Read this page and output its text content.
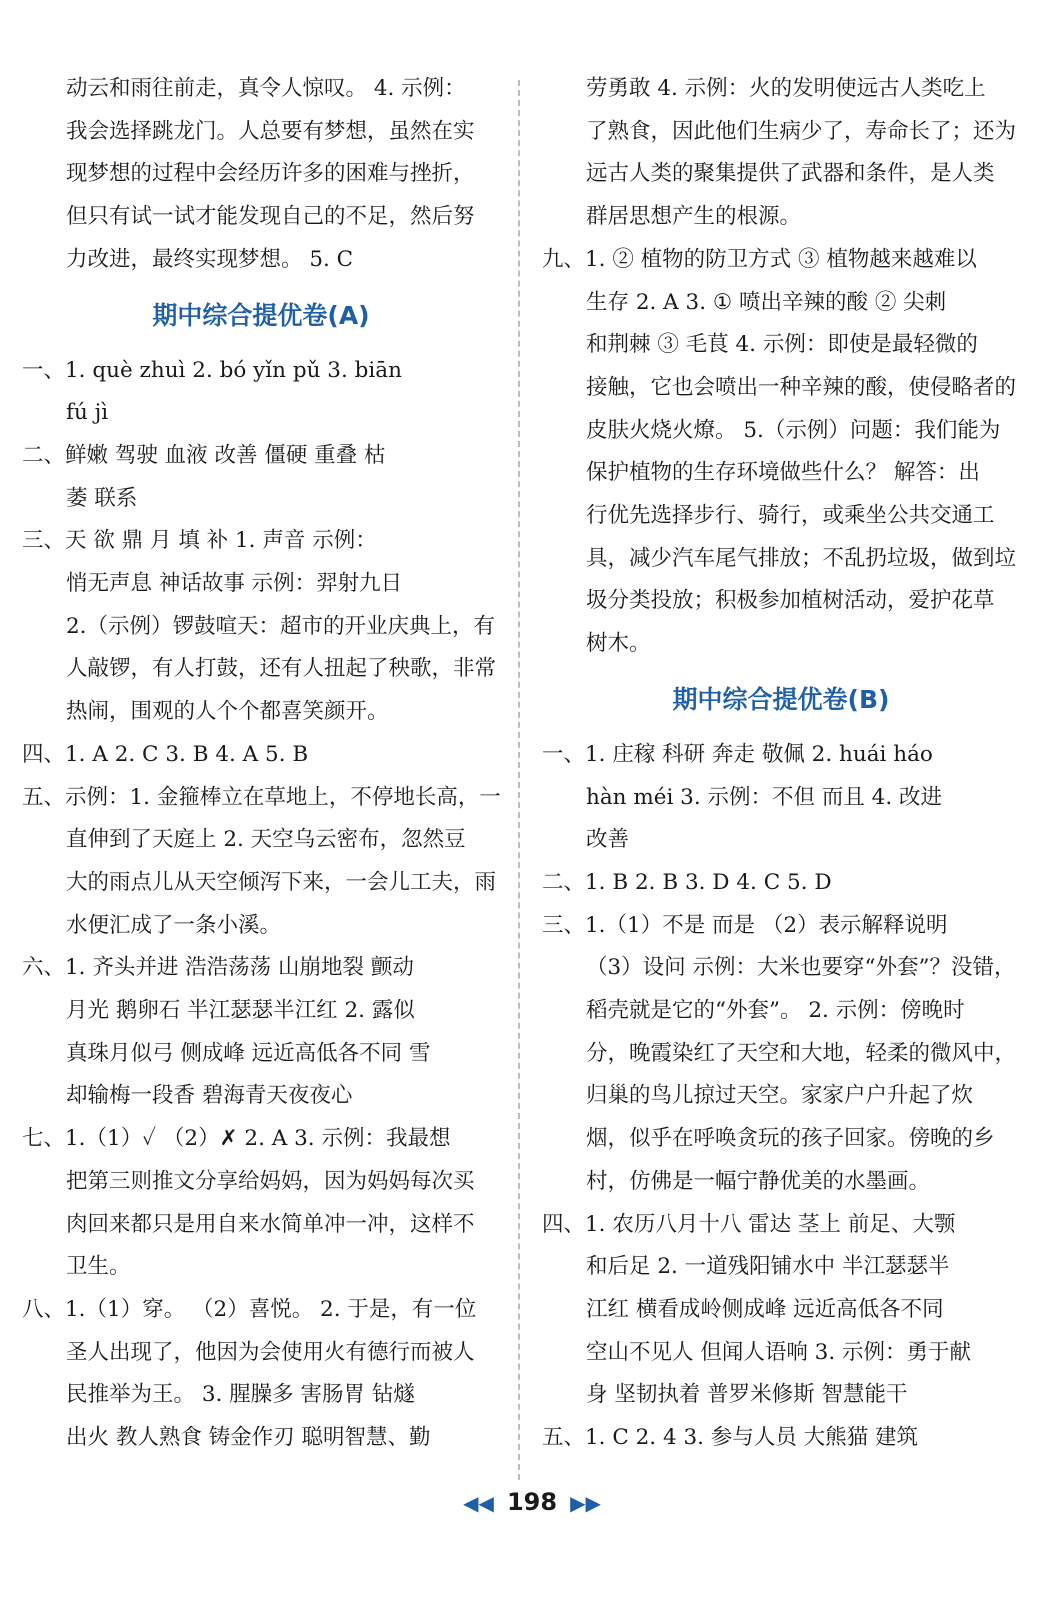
动云和雨往前走，真令人惊叹。 4. 示例：
我会选择跳龙门。人总要有梦想，虽然在实
现梦想的过程中会经历许多的困难与挫折，
但只有试一试才能发现自己的不足，然后努
力改进，最终实现梦想。 5. C
期中综合提优卷(A)
一、1. què zhuì 2. bó yǐn pǔ 3. biān
fú jì
二、鲜嫩 驾驶 血液 改善 僵硬 重叠 枯
萎 联系
三、天 欲 鼎 月 填 补 1. 声音 示例：
悄无声息 神话故事 示例：羿射九日
2.（示例）锣鼓喧天：超市的开业庆典上，有
人敲锣，有人打鼓，还有人扭起了秧歌，非常
热闹，围观的人个个都喜笑颜开。
四、1. A 2. C 3. B 4. A 5. B
五、示例：1. 金箍棒立在草地上，不停地长高，一
直伸到了天庭上 2. 天空乌云密布，忽然豆
大的雨点儿从天空倾泻下来，一会儿工夫，雨
水便汇成了一条小溪。
六、1. 齐头并进 浩浩荡荡 山崩地裂 颤动
月光 鹅卵石 半江瑟瑟半江红 2. 露似
真珠月似弓 侧成峰 远近高低各不同 雪
却输梅一段香 碧海青天夜夜心
七、1.（1）✓ （2）✗ 2. A 3. 示例：我最想
把第三则推文分享给妈妈，因为妈妈每次买
肉回来都只是用自来水简单冲一冲，这样不
卫生。
八、1.（1）穿。 （2）喜悦。 2. 于是，有一位
圣人出现了，他因为会使用火有德行而被人
民推举为王。 3. 腥臊多 害肠胃 钻燧
出火 教人熟食 铸金作刃 聪明智慧、勤
劳勇敢 4. 示例：火的发明使远古人类吃上
了熟食，因此他们生病少了，寿命长了；还为
远古人类的聚集提供了武器和条件，是人类
群居思想产生的根源。
九、1. ② 植物的防卫方式 ③ 植物越来越难以
生存 2. A 3. ① 喷出辛辣的酸 ② 尖刺
和荆棘 ③ 毛茛 4. 示例：即使是最轻微的
接触，它也会喷出一种辛辣的酸，使侵略者的
皮肤火烧火燎。 5.（示例）问题：我们能为
保护植物的生存环境做些什么？ 解答：出
行优先选择步行、骑行，或乘坐公共交通工
具，减少汽车尾气排放；不乱扔垃圾，做到垃
圾分类投放；积极参加植树活动，爱护花草
树木。
期中综合提优卷(B)
一、1. 庄稼 科研 奔走 敬佩 2. huái háo
hàn méi 3. 示例：不但 而且 4. 改进
改善
二、1. B 2. B 3. D 4. C 5. D
三、1.（1）不是 而是 （2）表示解释说明
（3）设问 示例：大米也要穿“外套”？没错，
稻壳就是它的“外套”。 2. 示例：傍晚时
分，晚霞染红了天空和大地，轻柔的微风中，
归巢的鸟儿掠过天空。家家户户升起了炊
烟，似乎在呼唤贪玩的孩子回家。傍晚的乡
村，仿佛是一幅宁静优美的水墨画。
四、1. 农历八月十八 雷达 茎上 前足、大颚
和后足 2. 一道残阳铺水中 半江瑟瑟半
江红 横看成岭侧成峰 远近高低各不同
空山不见人 但闻人语响 3. 示例：勇于献
身 坚韧执着 普罗米修斯 智慧能干
五、1. C 2. 4 3. 参与人员 大熊猫 建筑
◀◀ 198 ▶▶
